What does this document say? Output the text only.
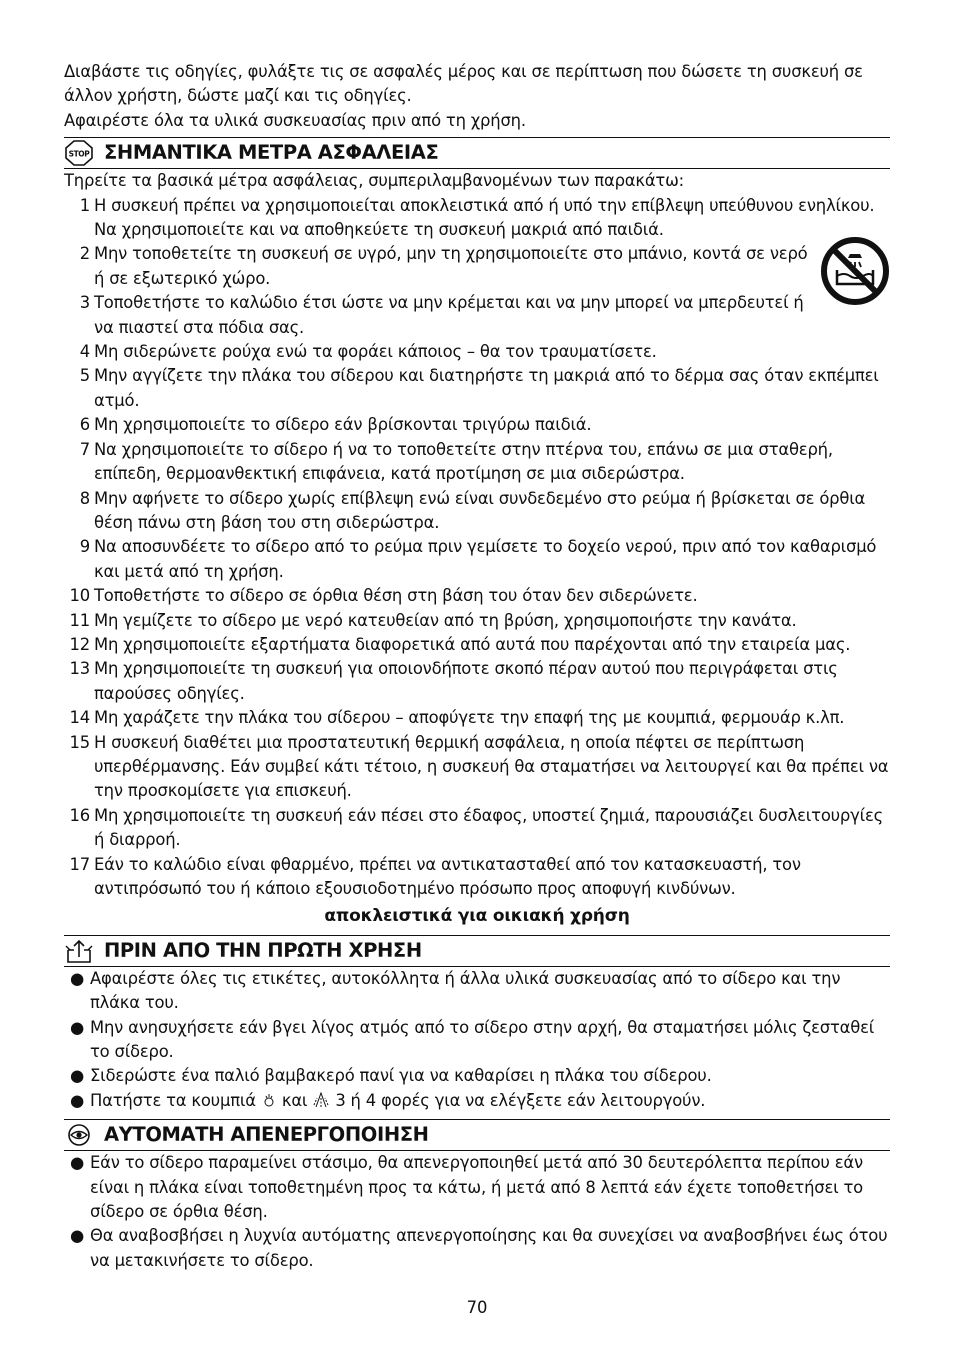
Διαβάστε τις οδηγίες, φυλάξτε τις σε ασφαλές μέρος και σε περίπτωση που δώσετε τη συσκευή σε άλλον χρήστη, δώστε μαζί και τις οδηγίες.

Αφαιρέστε όλα τα υλικά συσκευασίας πριν από τη χρήση.

STOP ΣΗΜΑΝΤΙΚΑ ΜΕΤΡΑ ΑΣΦΑΛΕΙΑΣ

Τηρείτε τα βασικά μέτρα ασφάλειας, συμπεριλαμβανομένων των παρακάτω:

1 Η συσκευή πρέπει να χρησιμοποιείται αποκλειστικά από ή υπό την επίβλεψη υπεύθυνου ενηλίκου. Να χρησιμοποιείτε και να αποθηκεύετε τη συσκευή μακριά από παιδιά.
2 Μην τοποθετείτε τη συσκευή σε υγρό, μην τη χρησιμοποιείτε στο μπάνιο, κοντά σε νερό ή σε εξωτερικό χώρο.
3 Τοποθετήστε το καλώδιο έτσι ώστε να μην κρέμεται και να μην μπορεί να μπερδευτεί ή να πιαστεί στα πόδια σας.
4 Μη σιδερώνετε ρούχα ενώ τα φοράει κάποιος – θα τον τραυματίσετε.
5 Μην αγγίζετε την πλάκα του σίδερου και διατηρήστε τη μακριά από το δέρμα σας όταν εκπέμπει ατμό.
6 Μη χρησιμοποιείτε το σίδερο εάν βρίσκονται τριγύρω παιδιά.
7 Να χρησιμοποιείτε το σίδερο ή να το τοποθετείτε στην πτέρνα του, επάνω σε μια σταθερή, επίπεδη, θερμοανθεκτική επιφάνεια, κατά προτίμηση σε μια σιδερώστρα.
8 Μην αφήνετε το σίδερο χωρίς επίβλεψη ενώ είναι συνδεδεμένο στο ρεύμα ή βρίσκεται σε όρθια θέση πάνω στη βάση του στη σιδερώστρα.
9 Να αποσυνδέετε το σίδερο από το ρεύμα πριν γεμίσετε το δοχείο νερού, πριν από τον καθαρισμό και μετά από τη χρήση.
10 Τοποθετήστε το σίδερο σε όρθια θέση στη βάση του όταν δεν σιδερώνετε.
11 Μη γεμίζετε το σίδερο με νερό κατευθείαν από τη βρύση, χρησιμοποιήστε την κανάτα.
12 Μη χρησιμοποιείτε εξαρτήματα διαφορετικά από αυτά που παρέχονται από την εταιρεία μας.
13 Μη χρησιμοποιείτε τη συσκευή για οποιονδήποτε σκοπό πέραν αυτού που περιγράφεται στις παρούσες οδηγίες.
14 Μη χαράζετε την πλάκα του σίδερου – αποφύγετε την επαφή της με κουμπιά, φερμουάρ κ.λπ.
15 Η συσκευή διαθέτει μια προστατευτική θερμική ασφάλεια, η οποία πέφτει σε περίπτωση υπερθέρμανσης. Εάν συμβεί κάτι τέτοιο, η συσκευή θα σταματήσει να λειτουργεί και θα πρέπει να την προσκομίσετε για επισκευή.
16 Μη χρησιμοποιείτε τη συσκευή εάν πέσει στο έδαφος, υποστεί ζημιά, παρουσιάζει δυσλειτουργίες ή διαρροή.
17 Εάν το καλώδιο είναι φθαρμένο, πρέπει να αντικατασταθεί από τον κατασκευαστή, τον αντιπρόσωπό του ή κάποιο εξουσιοδοτημένο πρόσωπο προς αποφυγή κινδύνων.

αποκλειστικά για οικιακή χρήση

ΠΡΙΝ ΑΠΟ ΤΗΝ ΠΡΩΤΗ ΧΡΗΣΗ
● Αφαιρέστε όλες τις ετικέτες, αυτοκόλλητα ή άλλα υλικά συσκευασίας από το σίδερο και την πλάκα του.
● Μην ανησυχήσετε εάν βγει λίγος ατμός από το σίδερο στην αρχή, θα σταματήσει μόλις ζεσταθεί το σίδερο.
● Σιδερώστε ένα παλιό βαμβακερό πανί για να καθαρίσει η πλάκα του σίδερου.
● Πατήστε τα κουμπιά και 3 ή 4 φορές για να ελέγξετε εάν λειτουργούν.
ΑΥΤΟΜΑΤΗ ΑΠΕΝΕΡΓΟΠΟΙΗΣΗ
● Εάν το σίδερο παραμείνει στάσιμο, θα απενεργοποιηθεί μετά από 30 δευτερόλεπτα περίπου εάν είναι η πλάκα είναι τοποθετημένη προς τα κάτω, ή μετά από 8 λεπτά εάν έχετε τοποθετήσει το σίδερο σε όρθια θέση.
● Θα αναβοσβήσει η λυχνία αυτόματης απενεργοποίησης και θα συνεχίσει να αναβοσβήνει έως ότου να μετακινήσετε το σίδερο.
70
